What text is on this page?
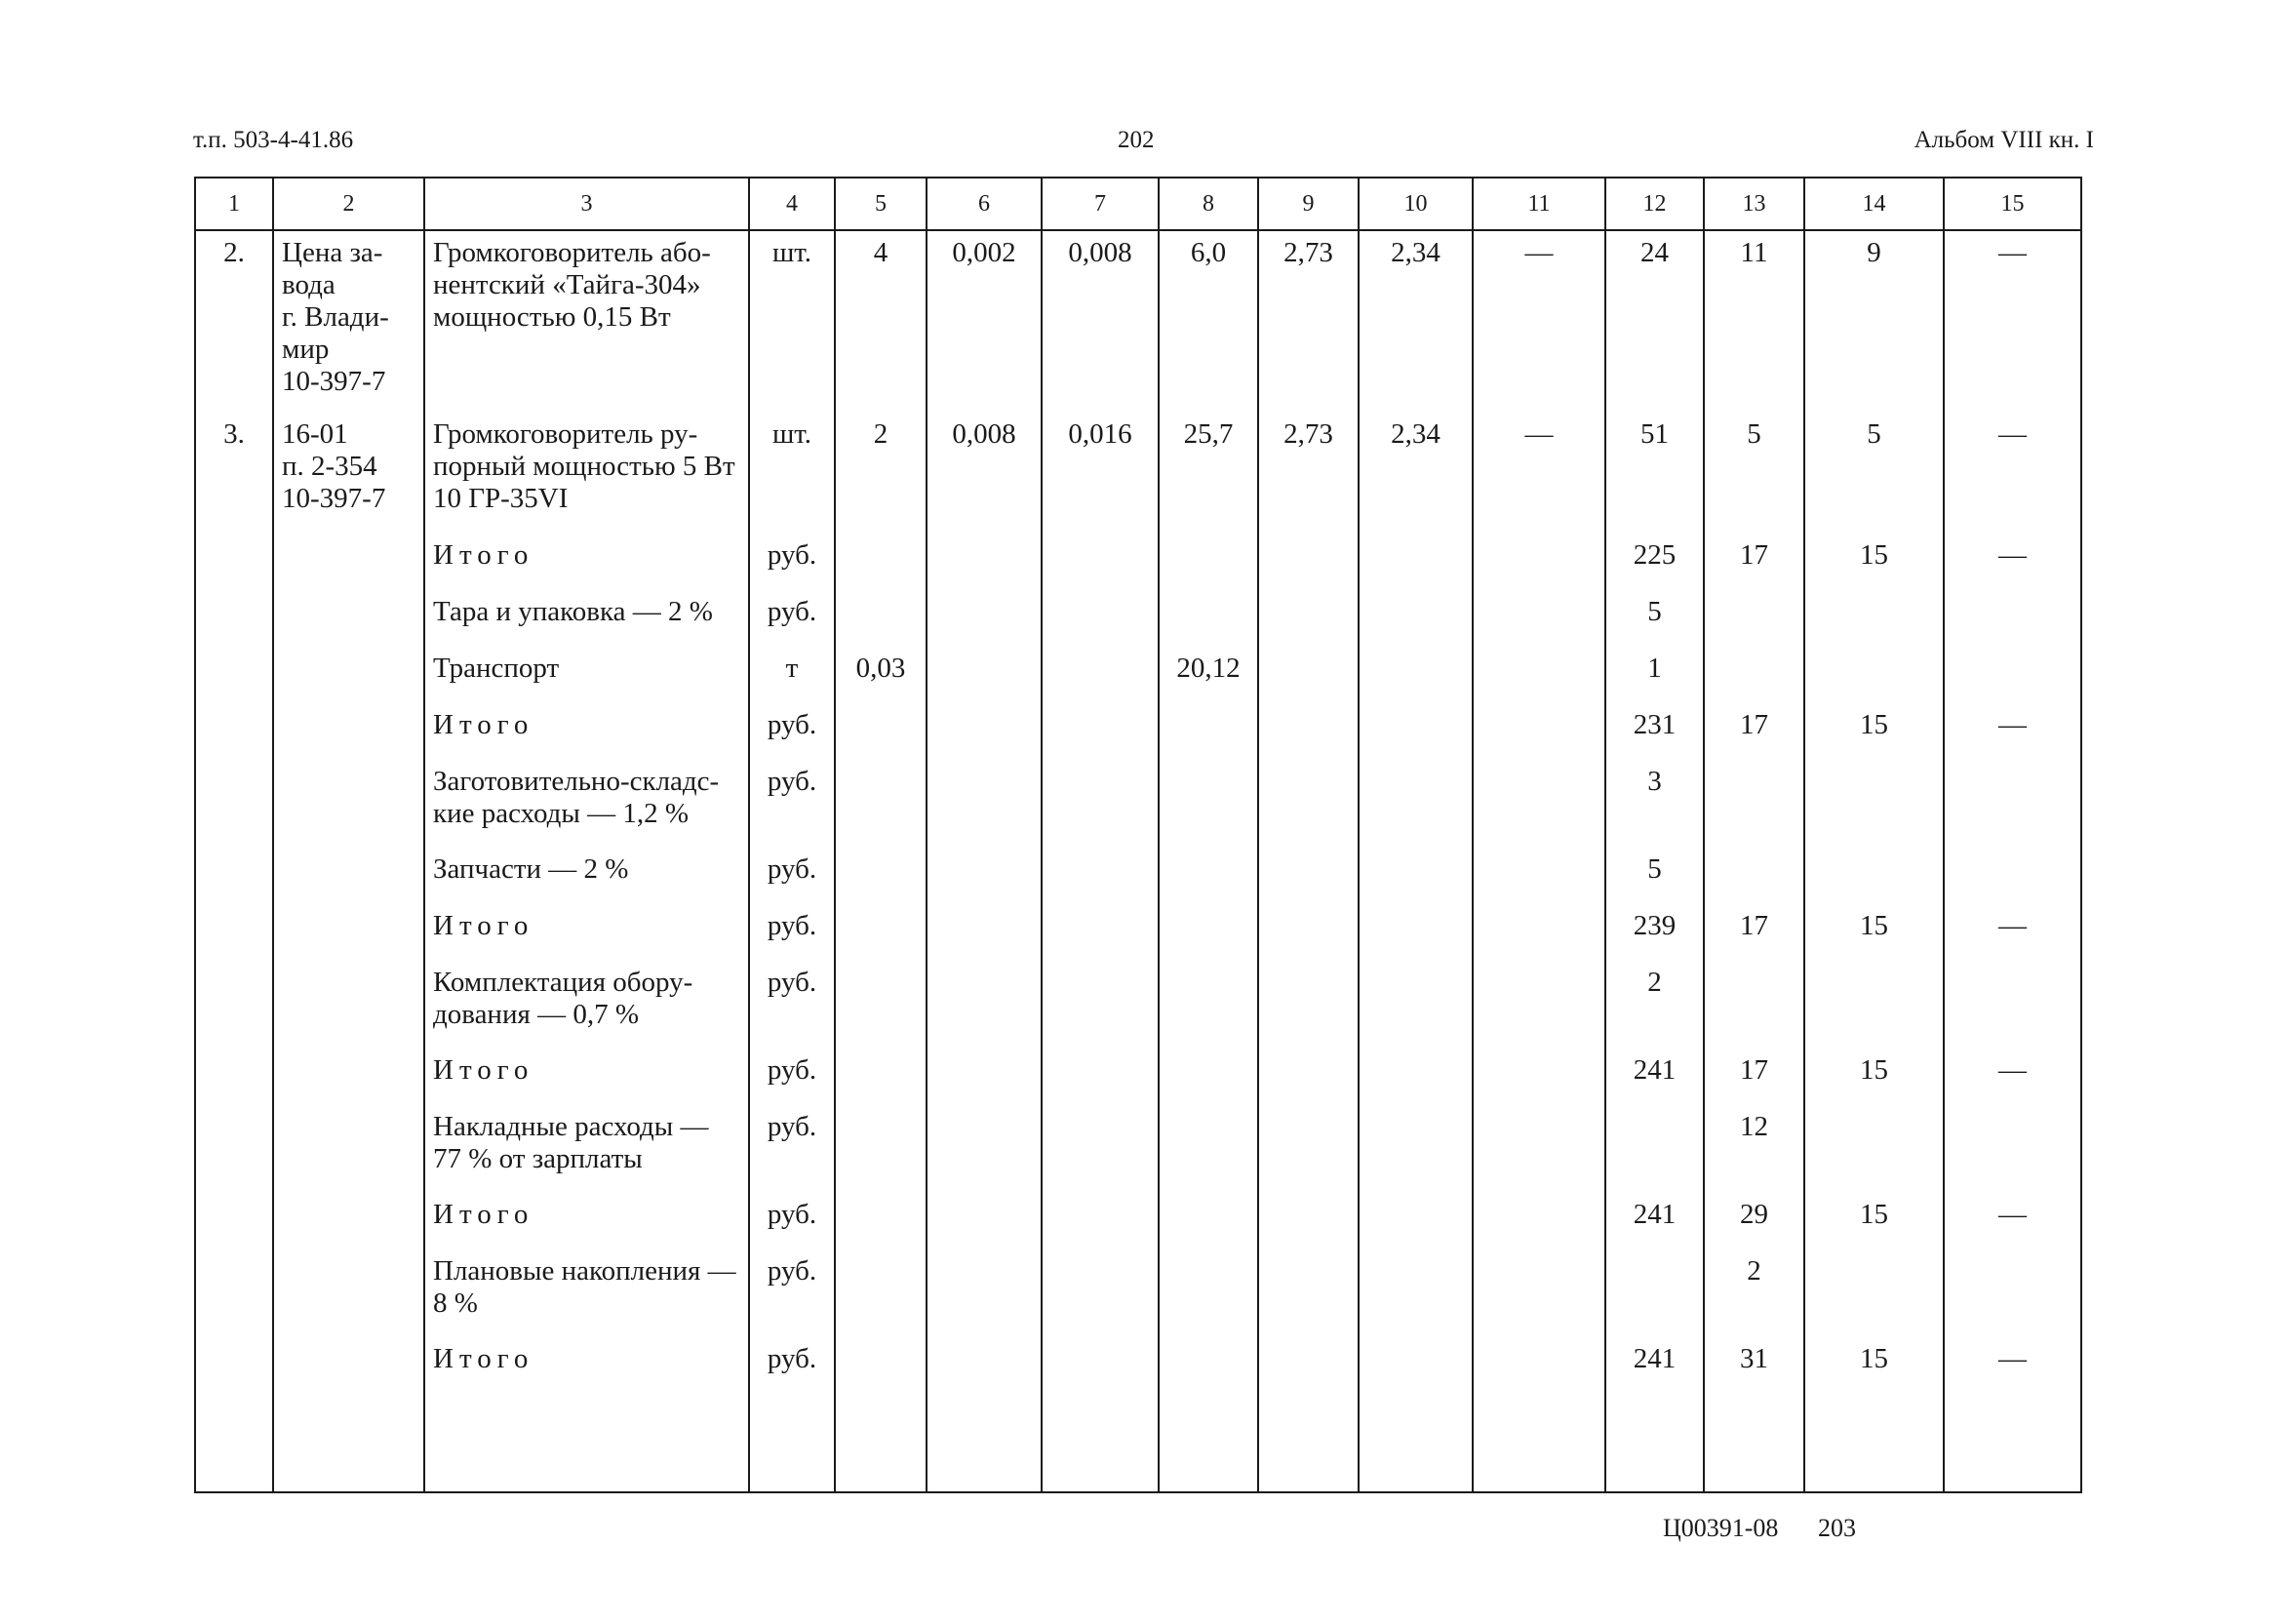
т.п. 503-4-41.86	202	Альбом VIII кн. I
1	2	3	4	5	6	7	8	9	10	11	12	13	14	15
2.	Цена за-
вода
г. Влади-
мир
10-397-7	Громкоговоритель або-
нентский «Тайга-304»
мощностью 0,15 Вт	шт.	4	0,002	0,008	6,0	2,73	2,34	—	24	11	9	—
3.	16-01
п. 2-354
10-397-7	Громкоговоритель ру-
порный мощностью 5 Вт
10 ГР-35VI	шт.	2	0,008	0,016	25,7	2,73	2,34	—	51	5	5	—
		Итого	руб.								225	17	15	—
		Тара и упаковка — 2 %	руб.								5			
		Транспорт	т	0,03			20,12				1			
		Итого	руб.								231	17	15	—
		Заготовительно-складс-
кие расходы — 1,2 %	руб.								3			
		Запчасти — 2 %	руб.								5			
		Итого	руб.								239	17	15	—
		Комплектация обору-
дования — 0,7 %	руб.								2			
		Итого	руб.								241	17	15	—
		Накладные расходы —
77 % от зарплаты	руб.									12		
		Итого	руб.								241	29	15	—
		Плановые накопления —
8 %	руб.									2		
		Итого	руб.								241	31	15	—

Ц00391-08 203
